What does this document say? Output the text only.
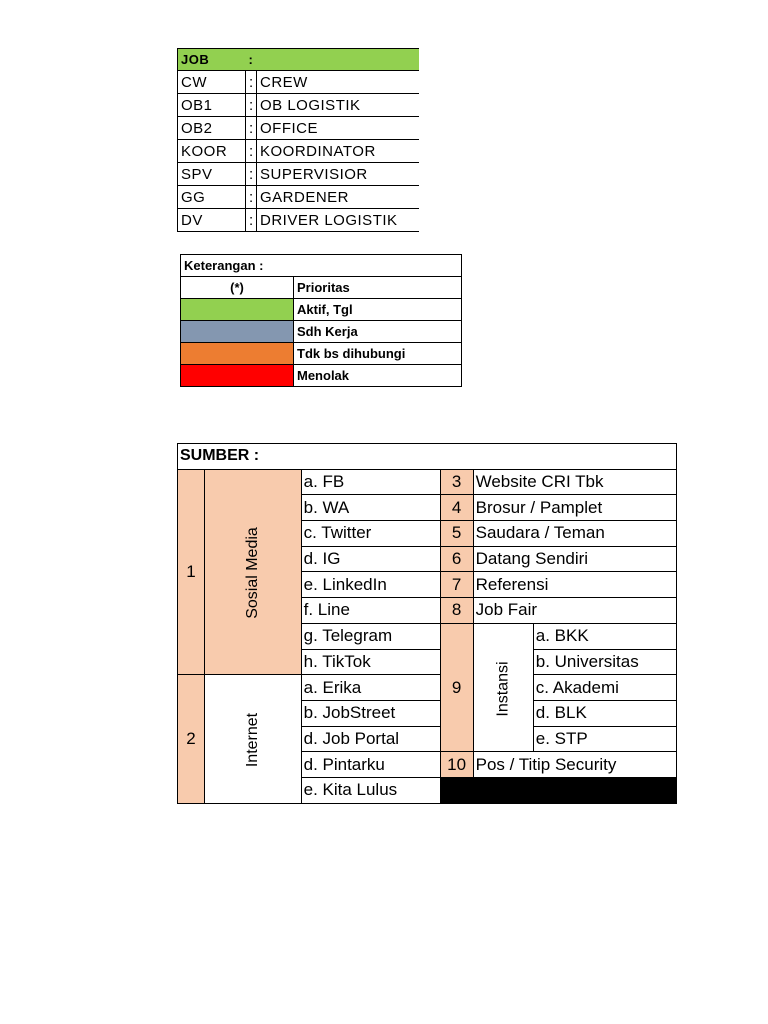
JOB	:	
CW	:	CREW
OB1	:	OB LOGISTIK
OB2	:	OFFICE
KOOR	:	KOORDINATOR
SPV	:	SUPERVISIOR
GG	:	GARDENER
DV	:	DRIVER LOGISTIK
Keterangan :	
(*)	Prioritas
	Aktif, Tgl
	Sdh Kerja
	Tdk bs dihubungi
	Menolak
SUMBER :					
1	Sosial Media	a. FB	3	Website CRI Tbk	
		b. WA	4	Brosur / Pamplet	
		c. Twitter	5	Saudara / Teman	
		d. IG	6	Datang Sendiri	
		e. LinkedIn	7	Referensi	
		f. Line	8	Job Fair	
		g. Telegram	9	Instansi	a. BKK
		h. TikTok			b. Universitas
2	Internet	a. Erika			c. Akademi
		b. JobStreet			d. BLK
		d. Job Portal			e. STP
		d. Pintarku	10	Pos / Titip Security	
		e. Kita Lulus			
